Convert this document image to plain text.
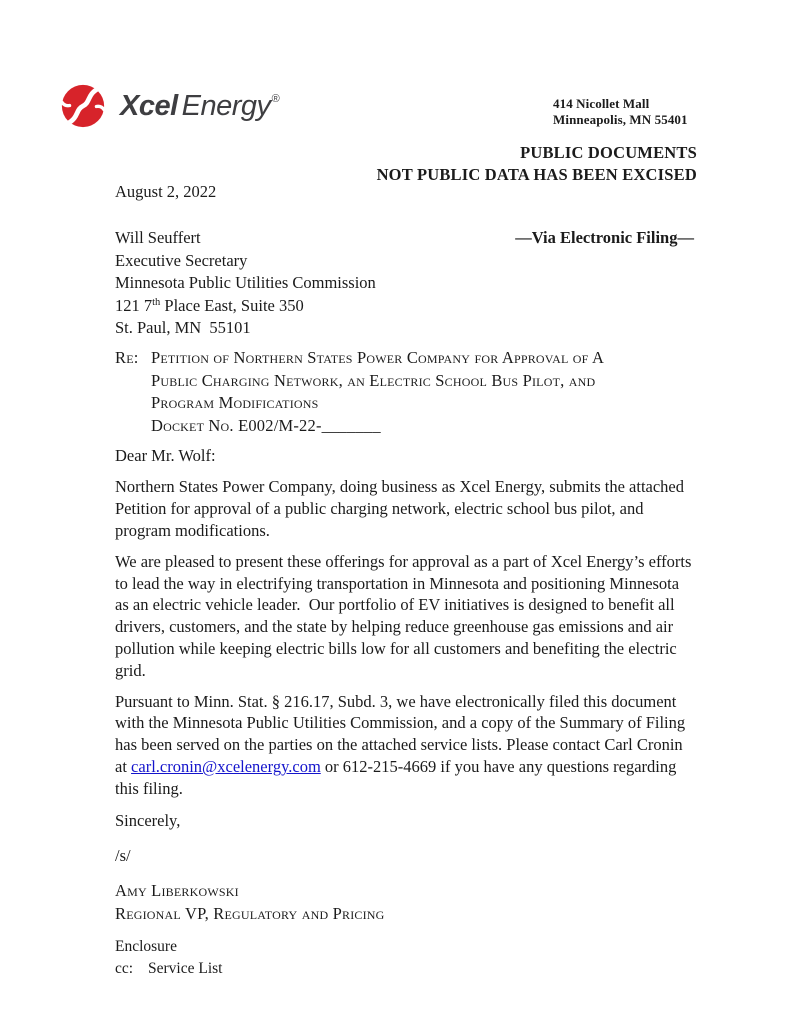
Xcel Energy®	414 Nicollet Mall
Minneapolis, MN 55401
PUBLIC DOCUMENTS
NOT PUBLIC DATA HAS BEEN EXCISED
August 2, 2022
—Via Electronic Filing—
Will Seuffert
Executive Secretary
Minnesota Public Utilities Commission
121 7th Place East, Suite 350
St. Paul, MN  55101
Re: Petition of Northern States Power Company for Approval of A
Public Charging Network, an Electric School Bus Pilot, and
Program Modifications
Docket No. E002/M-22-_______
Dear Mr. Wolf:
Northern States Power Company, doing business as Xcel Energy, submits the attached Petition for approval of a public charging network, electric school bus pilot, and program modifications.
We are pleased to present these offerings for approval as a part of Xcel Energy’s efforts to lead the way in electrifying transportation in Minnesota and positioning Minnesota as an electric vehicle leader.  Our portfolio of EV initiatives is designed to benefit all drivers, customers, and the state by helping reduce greenhouse gas emissions and air pollution while keeping electric bills low for all customers and benefiting the electric grid.
Pursuant to Minn. Stat. § 216.17, Subd. 3, we have electronically filed this document with the Minnesota Public Utilities Commission, and a copy of the Summary of Filing has been served on the parties on the attached service lists. Please contact Carl Cronin at carl.cronin@xcelenergy.com or 612-215-4669 if you have any questions regarding this filing.
Sincerely,
/s/
Amy Liberkowski
Regional VP, Regulatory and Pricing
Enclosure
cc: Service List
